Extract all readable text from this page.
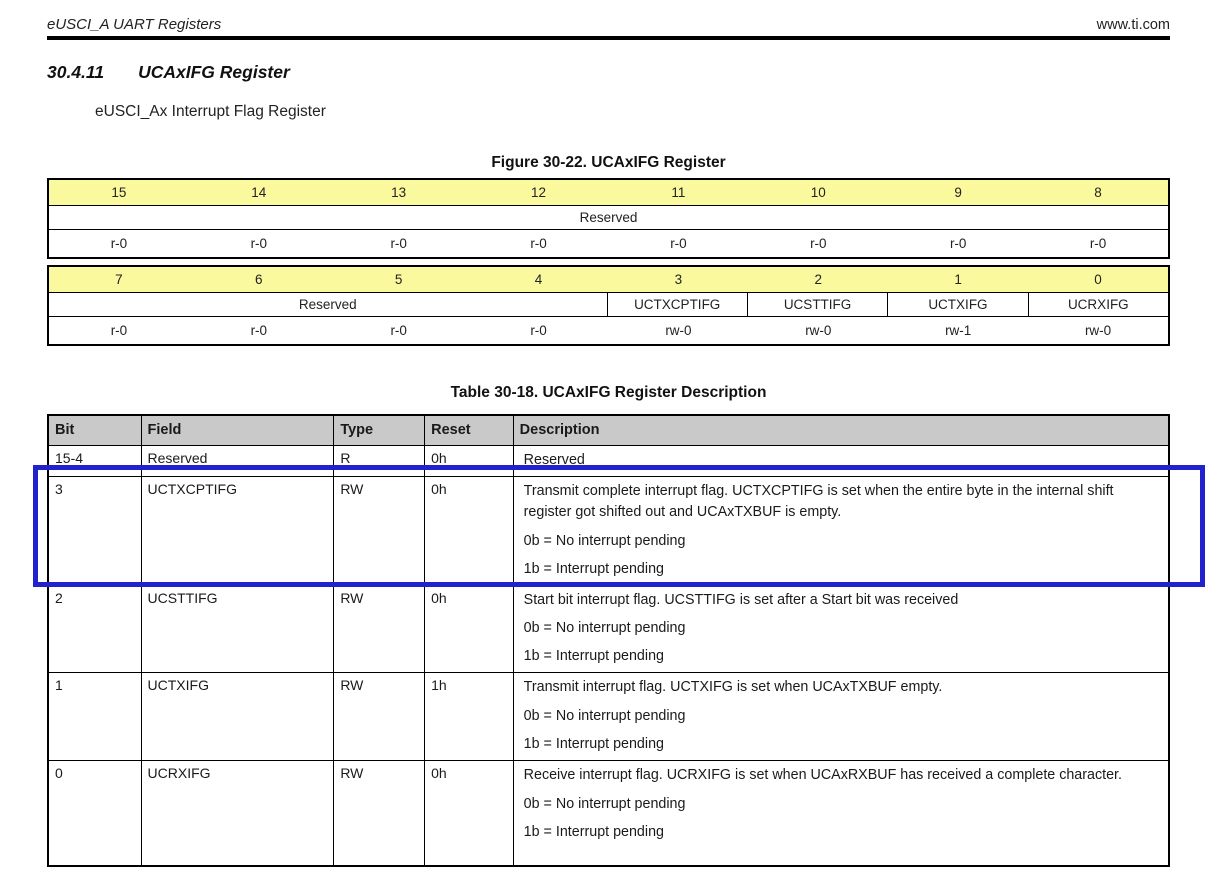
eUSCI_A UART Registers	www.ti.com
30.4.11 UCAxIFG Register
eUSCI_Ax Interrupt Flag Register
Figure 30-22. UCAxIFG Register
15	14	13	12	11	10	9	8
Reserved
r-0	r-0	r-0	r-0	r-0	r-0	r-0	r-0
7	6	5	4	3	2	1	0
Reserved	UCTXCPTIFG	UCSTTIFG	UCTXIFG	UCRXIFG
r-0	r-0	r-0	r-0	rw-0	rw-0	rw-1	rw-0
Table 30-18. UCAxIFG Register Description
Bit	Field	Type	Reset	Description
15-4	Reserved	R	0h	Reserved

3	UCTXCPTIFG	RW	0h	Transmit complete interrupt flag. UCTXCPTIFG is set when the entire byte in the internal shift register got shifted out and UCAxTXBUF is empty.
0b = No interrupt pending
1b = Interrupt pending

2	UCSTTIFG	RW	0h	Start bit interrupt flag. UCSTTIFG is set after a Start bit was received
0b = No interrupt pending
1b = Interrupt pending

1	UCTXIFG	RW	1h	Transmit interrupt flag. UCTXIFG is set when UCAxTXBUF empty.
0b = No interrupt pending
1b = Interrupt pending

0	UCRXIFG	RW	0h	Receive interrupt flag. UCRXIFG is set when UCAxRXBUF has received a complete character.
0b = No interrupt pending
1b = Interrupt pending
